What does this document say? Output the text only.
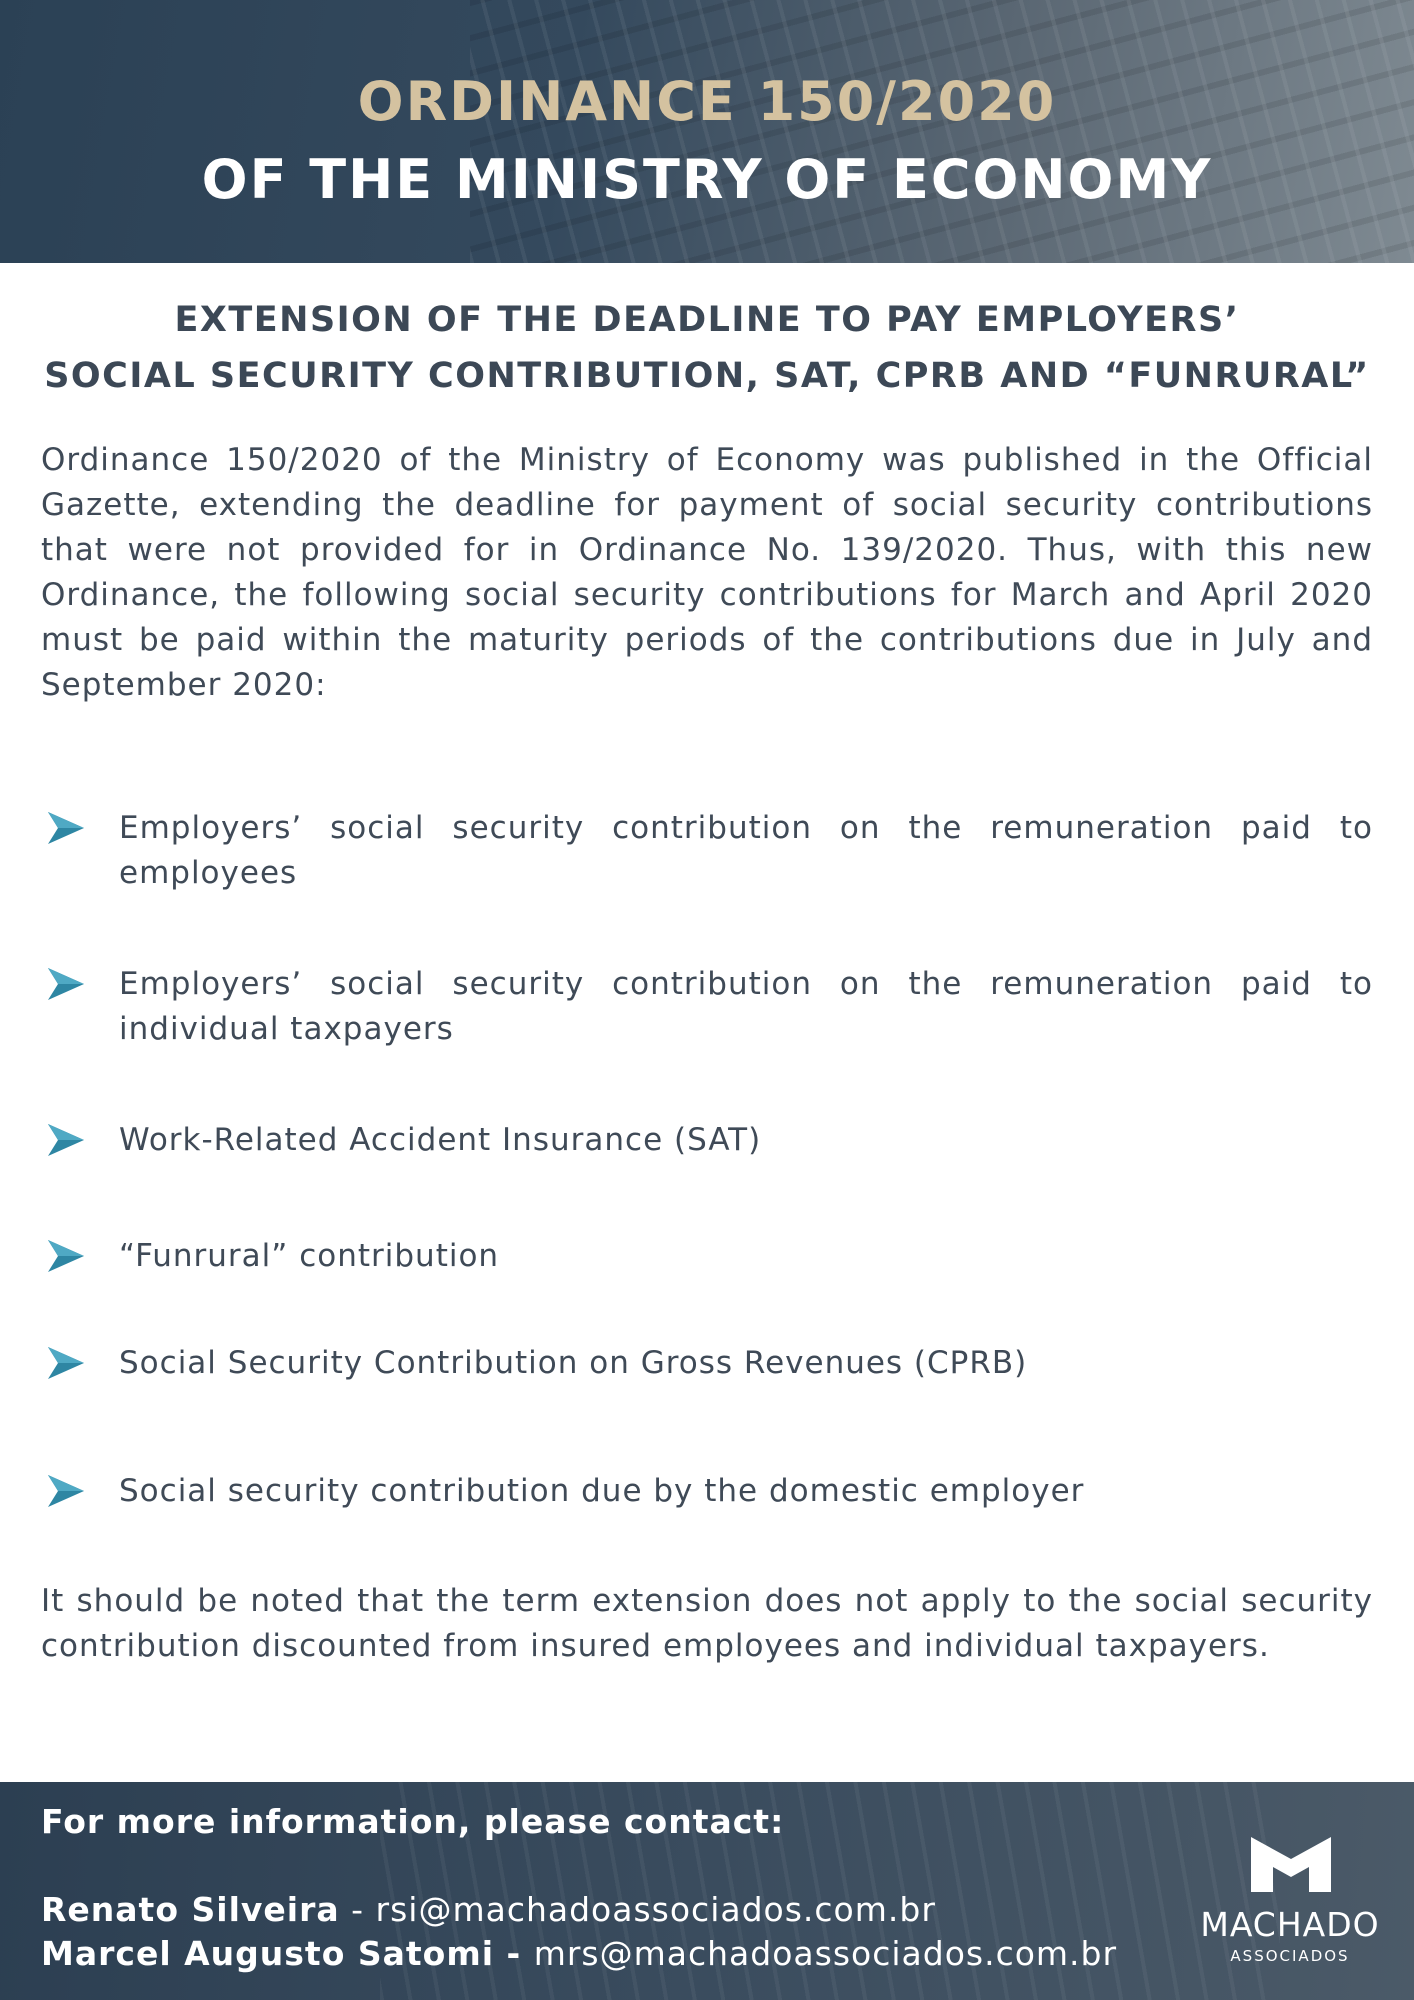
ORDINANCE 150/2020
OF THE MINISTRY OF ECONOMY
EXTENSION OF THE DEADLINE TO PAY EMPLOYERS’
SOCIAL SECURITY CONTRIBUTION, SAT, CPRB AND “FUNRURAL”
Ordinance 150/2020 of the Ministry of Economy was published in the Official Gazette, extending the deadline for payment of social security contributions that were not provided for in Ordinance No. 139/2020. Thus, with this new Ordinance, the following social security contributions for March and April 2020 must be paid within the maturity periods of the contributions due in July and September 2020:
Employers’ social security contribution on the remuneration paid to employees
Employers’ social security contribution on the remuneration paid to individual taxpayers
Work-Related Accident Insurance (SAT)
“Funrural” contribution
Social Security Contribution on Gross Revenues (CPRB)
Social security contribution due by the domestic employer
It should be noted that the term extension does not apply to the social security contribution discounted from insured employees and individual taxpayers.
For more information, please contact:
Renato Silveira - rsi@machadoassociados.com.br
Marcel Augusto Satomi - mrs@machadoassociados.com.br
MACHADO
ASSOCIADOS
